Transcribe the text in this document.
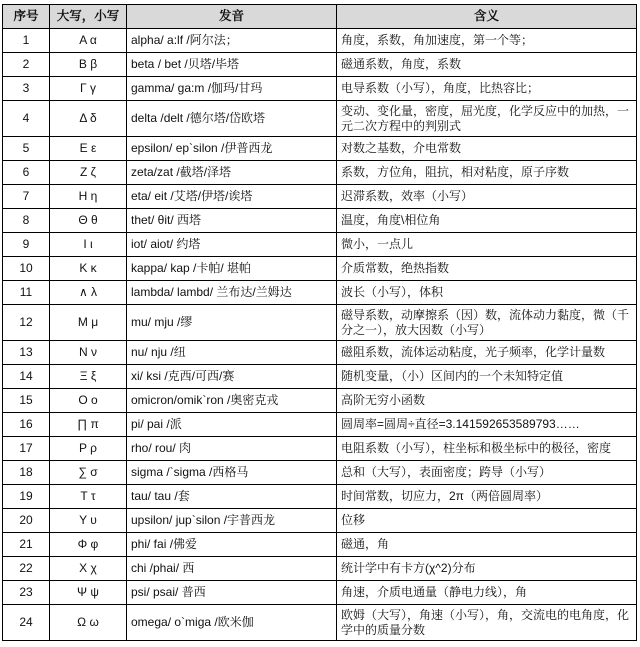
序号	大写，小写	发音	含义
1	Α α	alpha/ a:lf /阿尔法；	角度，系数，角加速度，第一个等；
2	Β β	beta / bet /贝塔/毕塔	磁通系数，角度，系数
3	Γ γ	gamma/ ga:m /伽玛/甘玛	电导系数（小写），角度，比热容比；
4	Δ δ	delta /delt /德尔塔/岱欧塔	变动、变化量，密度，屈光度，化学反应中的加热，一元二次方程中的判别式
5	Ε ε	epsilon/ ep`silon /伊普西龙	对数之基数，介电常数
6	Ζ ζ	zeta/zat /截塔/泽塔	系数，方位角，阻抗，相对粘度，原子序数
7	Η η	eta/ eit /艾塔/伊塔/诶塔	迟滞系数，效率（小写）
8	Θ θ	thet/ θit/ 西塔	温度，角度\相位角
9	Ι ι	iot/ aiot/ 约塔	微小，一点儿
10	Κ κ	kappa/ kap /卡帕/ 堪帕	介质常数，绝热指数
11	∧ λ	lambda/ lambd/ 兰布达/兰姆达	波长（小写），体积
12	Μ μ	mu/ mju /缪	磁导系数，动摩擦系（因）数，流体动力黏度，微（千分之一），放大因数（小写）
13	Ν ν	nu/ nju /纽	磁阻系数，流体运动粘度，光子频率，化学计量数
14	Ξ ξ	xi/ ksi /克西/可西/赛	随机变量，（小）区间内的一个未知特定值
15	Ο ο	omicron/omik`ron /奥密克戎	高阶无穷小函数
16	∏ π	pi/ pai /派	圆周率=圆周÷直径=3.141592653589793……
17	Ρ ρ	rho/ rou/ 肉	电阻系数（小写），柱坐标和极坐标中的极径，密度
18	∑ σ	sigma /`sigma /西格马	总和（大写），表面密度；跨导（小写）
19	Τ τ	tau/ tau /套	时间常数，切应力，2π（两倍圆周率）
20	Υ υ	upsilon/ jup`silon /宇普西龙	位移
21	Φ φ	phi/ fai /佛爱	磁通，角
22	Χ χ	chi /phai/ 西	统计学中有卡方(χ^2)分布
23	Ψ ψ	psi/ psai/ 普西	角速，介质电通量（静电力线），角
24	Ω ω	omega/ o`miga /欧米伽	欧姆（大写），角速（小写），角，交流电的电角度，化学中的质量分数
